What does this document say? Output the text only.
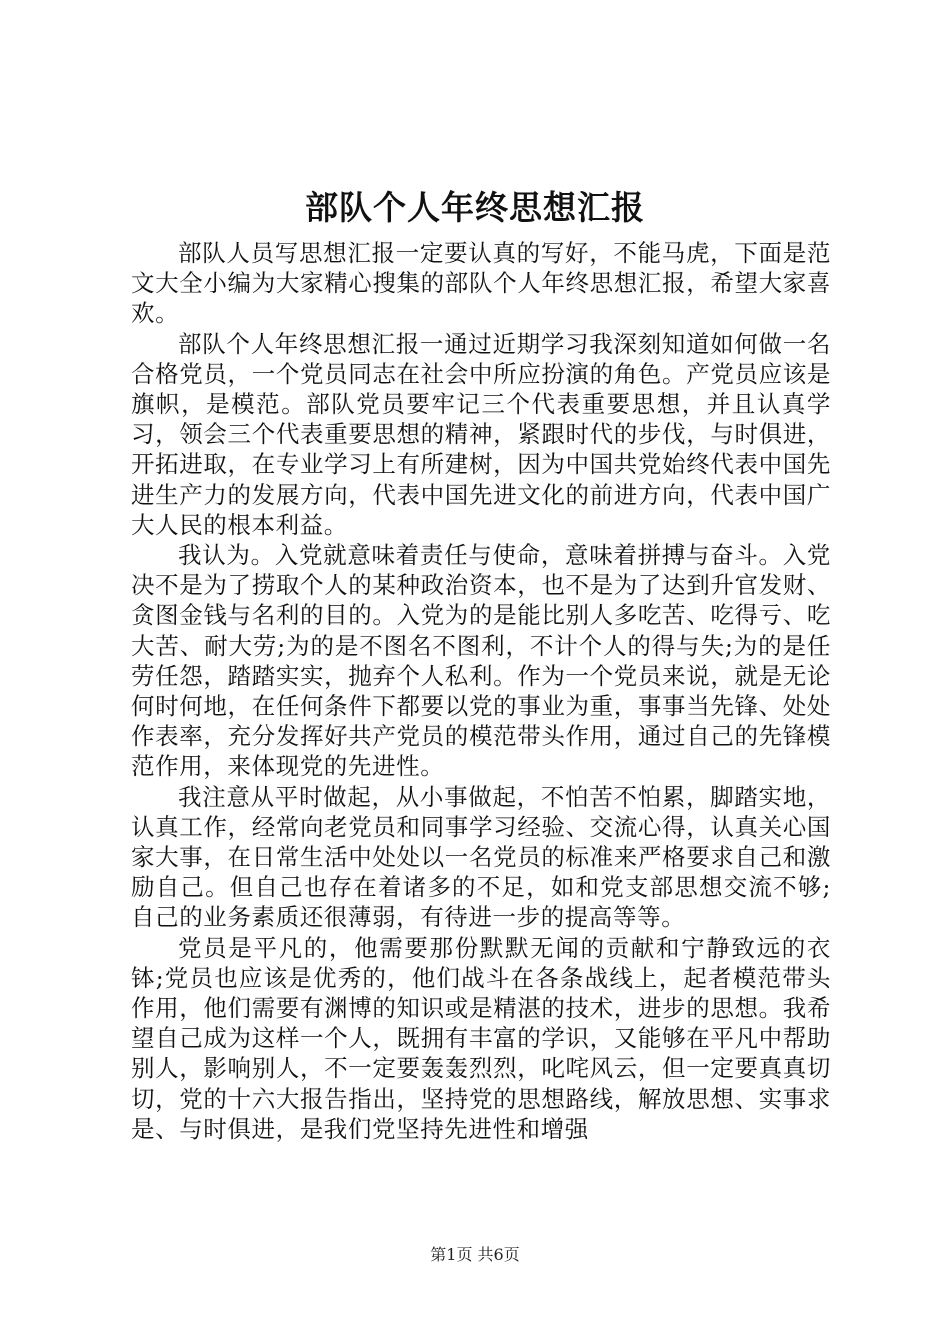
部队个人年终思想汇报

部队人员写思想汇报一定要认真的写好，不能马虎，下面是范文大全小编为大家精心搜集的部队个人年终思想汇报，希望大家喜欢。

部队个人年终思想汇报一通过近期学习我深刻知道如何做一名合格党员，一个党员同志在社会中所应扮演的角色。产党员应该是旗帜，是模范。部队党员要牢记三个代表重要思想，并且认真学习，领会三个代表重要思想的精神，紧跟时代的步伐，与时俱进，开拓进取，在专业学习上有所建树，因为中国共党始终代表中国先进生产力的发展方向，代表中国先进文化的前进方向，代表中国广大人民的根本利益。

我认为。入党就意味着责任与使命，意味着拼搏与奋斗。入党决不是为了捞取个人的某种政治资本，也不是为了达到升官发财、贪图金钱与名利的目的。入党为的是能比别人多吃苦、吃得亏、吃大苦、耐大劳;为的是不图名不图利，不计个人的得与失;为的是任劳任怨，踏踏实实，抛弃个人私利。作为一个党员来说，就是无论何时何地，在任何条件下都要以党的事业为重，事事当先锋、处处作表率，充分发挥好共产党员的模范带头作用，通过自己的先锋模范作用，来体现党的先进性。

我注意从平时做起，从小事做起，不怕苦不怕累，脚踏实地，认真工作，经常向老党员和同事学习经验、交流心得，认真关心国家大事，在日常生活中处处以一名党员的标准来严格要求自己和激励自己。但自己也存在着诸多的不足，如和党支部思想交流不够;自己的业务素质还很薄弱，有待进一步的提高等等。

党员是平凡的，他需要那份默默无闻的贡献和宁静致远的衣钵;党员也应该是优秀的，他们战斗在各条战线上，起者模范带头作用，他们需要有渊博的知识或是精湛的技术，进步的思想。我希望自己成为这样一个人，既拥有丰富的学识，又能够在平凡中帮助别人，影响别人，不一定要轰轰烈烈，叱咤风云，但一定要真真切切，党的十六大报告指出，坚持党的思想路线，解放思想、实事求是、与时俱进，是我们党坚持先进性和增强

第1页 共6页
